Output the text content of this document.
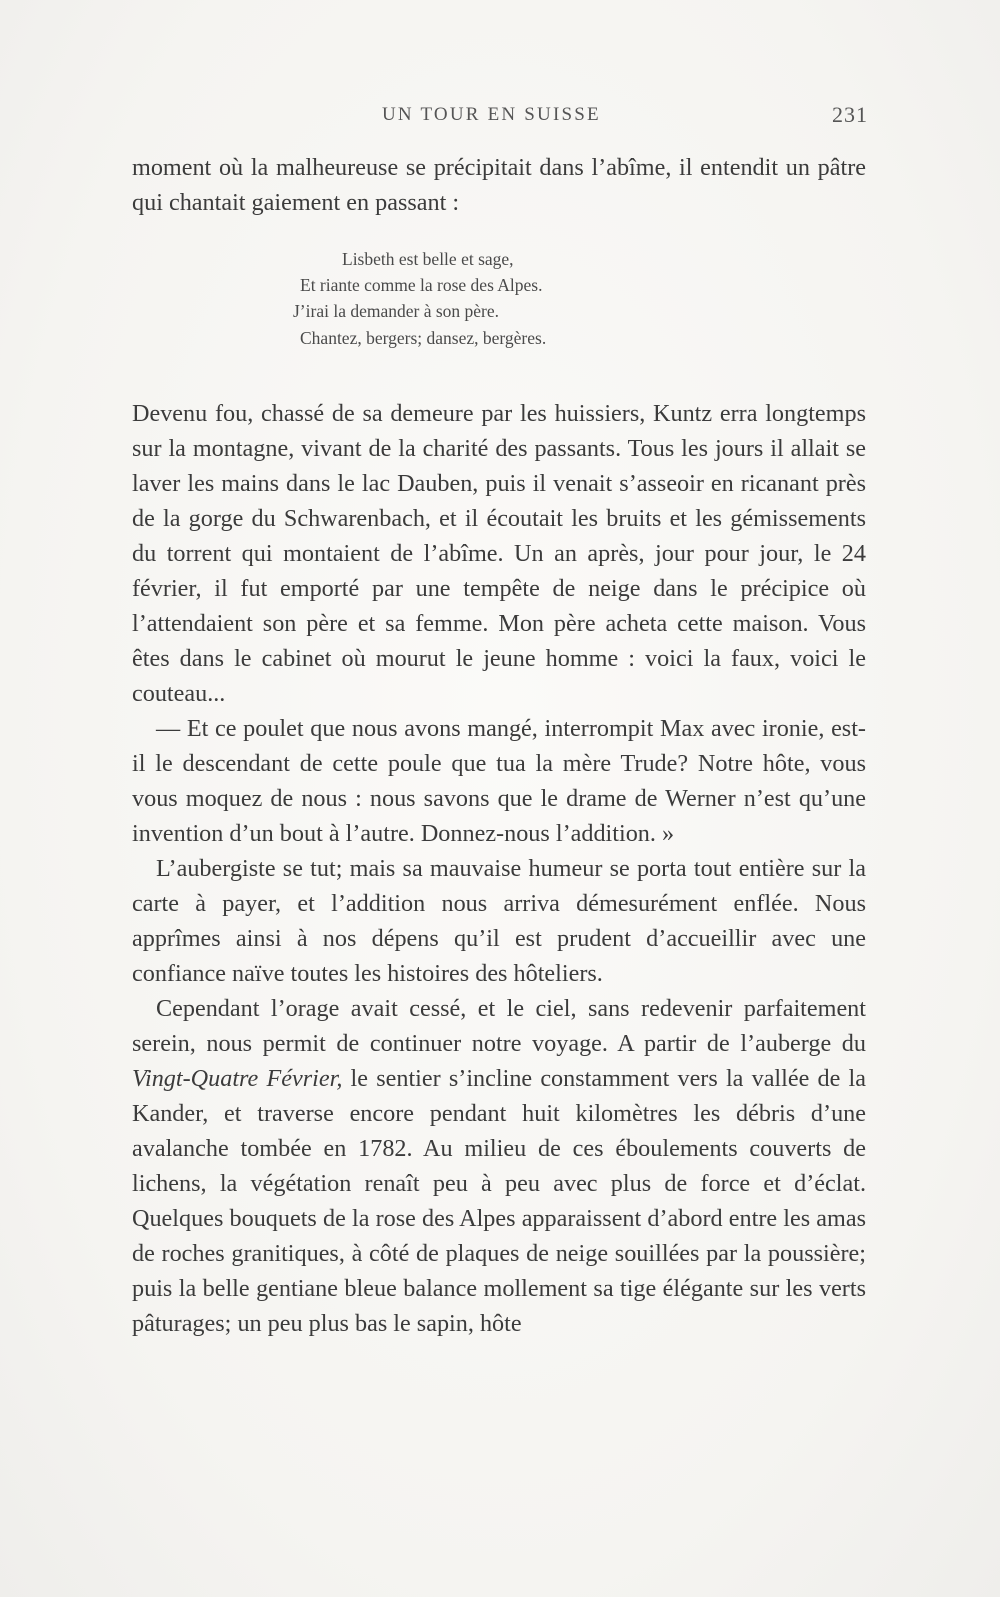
UN TOUR EN SUISSE	231

moment où la malheureuse se précipitait dans l’abîme, il entendit un pâtre qui chantait gaiement en passant :

Lisbeth est belle et sage,
Et riante comme la rose des Alpes.
J’irai la demander à son père.
Chantez, bergers; dansez, bergères.

Devenu fou, chassé de sa demeure par les huissiers, Kuntz erra longtemps sur la montagne, vivant de la charité des passants. Tous les jours il allait se laver les mains dans le lac Dauben, puis il venait s’asseoir en ricanant près de la gorge du Schwarenbach, et il écoutait les bruits et les gémissements du torrent qui montaient de l’abîme. Un an après, jour pour jour, le 24 février, il fut emporté par une tempête de neige dans le précipice où l’attendaient son père et sa femme. Mon père acheta cette maison. Vous êtes dans le cabinet où mourut le jeune homme : voici la faux, voici le couteau...

— Et ce poulet que nous avons mangé, interrompit Max avec ironie, est-il le descendant de cette poule que tua la mère Trude? Notre hôte, vous vous moquez de nous : nous savons que le drame de Werner n’est qu’une invention d’un bout à l’autre. Donnez-nous l’addition. »

L’aubergiste se tut; mais sa mauvaise humeur se porta tout entière sur la carte à payer, et l’addition nous arriva démesurément enflée. Nous apprîmes ainsi à nos dépens qu’il est prudent d’accueillir avec une confiance naïve toutes les histoires des hôteliers.

Cependant l’orage avait cessé, et le ciel, sans redevenir parfaitement serein, nous permit de continuer notre voyage. A partir de l’auberge du Vingt-Quatre Février, le sentier s’incline constamment vers la vallée de la Kander, et traverse encore pendant huit kilomètres les débris d’une avalanche tombée en 1782. Au milieu de ces éboulements couverts de lichens, la végétation renaît peu à peu avec plus de force et d’éclat. Quelques bouquets de la rose des Alpes apparaissent d’abord entre les amas de roches granitiques, à côté de plaques de neige souillées par la poussière; puis la belle gentiane bleue balance mollement sa tige élégante sur les verts pâturages; un peu plus bas le sapin, hôte
